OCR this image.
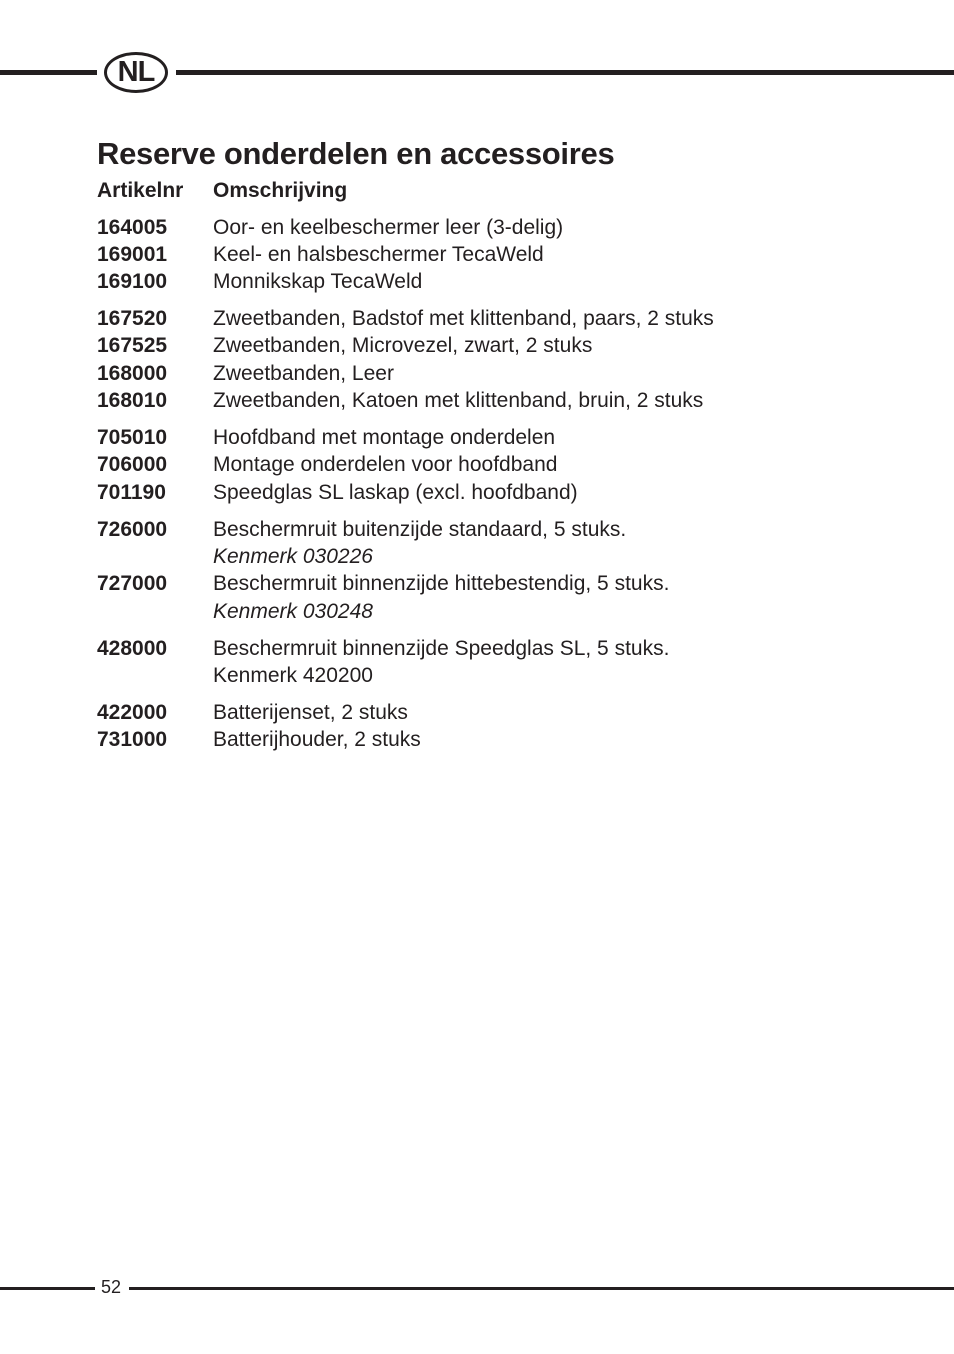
NL
Reserve onderdelen en accessoires
Artikelnr Omschrijving
164005 Oor- en keelbeschermer leer (3-delig)
169001 Keel- en halsbeschermer TecaWeld
169100 Monnikskap TecaWeld
167520 Zweetbanden, Badstof met klittenband, paars, 2 stuks
167525 Zweetbanden, Microvezel, zwart, 2 stuks
168000 Zweetbanden, Leer
168010 Zweetbanden, Katoen met klittenband, bruin, 2 stuks
705010 Hoofdband met montage onderdelen
706000 Montage onderdelen voor hoofdband
701190 Speedglas SL laskap (excl. hoofdband)
726000 Beschermruit buitenzijde standaard, 5 stuks.
Kenmerk 030226
727000 Beschermruit binnenzijde hittebestendig, 5 stuks.
Kenmerk 030248
428000 Beschermruit binnenzijde Speedglas SL, 5 stuks.
Kenmerk 420200
422000 Batterijenset, 2 stuks
731000 Batterijhouder, 2 stuks
52
